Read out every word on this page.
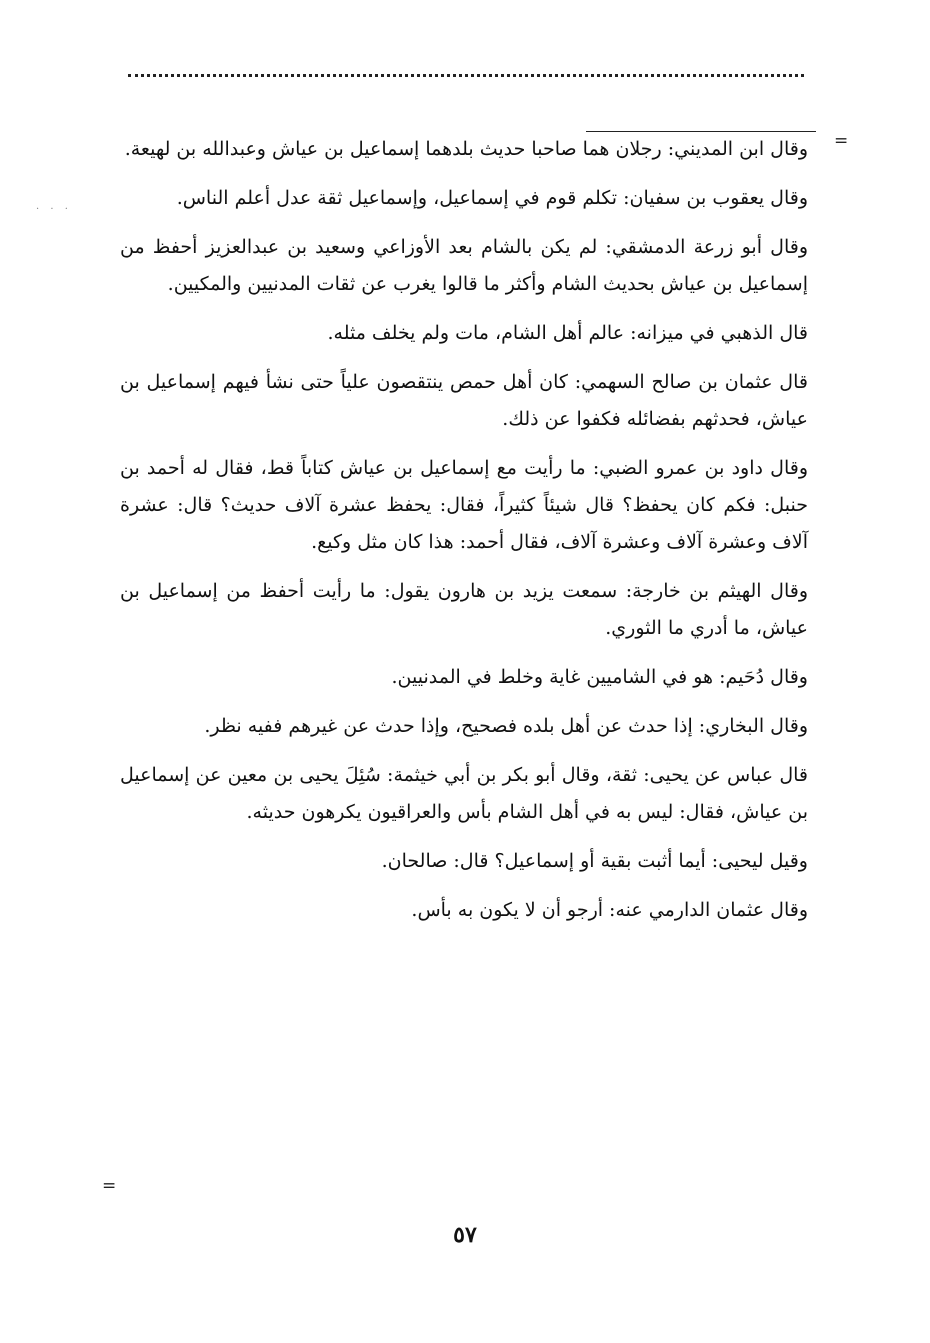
=
· · ·

وقال ابن المديني: رجلان هما صاحبا حديث بلدهما إسماعيل بن عياش وعبدالله بن لهيعة.

وقال يعقوب بن سفيان: تكلم قوم في إسماعيل، وإسماعيل ثقة عدل أعلم الناس.

وقال أبو زرعة الدمشقي: لم يكن بالشام بعد الأوزاعي وسعيد بن عبدالعزيز أحفظ من إسماعيل بن عياش بحديث الشام وأكثر ما قالوا يغرب عن ثقات المدنيين والمكيين.

قال الذهبي في ميزانه: عالم أهل الشام، مات ولم يخلف مثله.

قال عثمان بن صالح السهمي: كان أهل حمص ينتقصون علياً حتى نشأ فيهم إسماعيل بن عياش، فحدثهم بفضائله فكفوا عن ذلك.

وقال داود بن عمرو الضبي: ما رأيت مع إسماعيل بن عياش كتاباً قط، فقال له أحمد بن حنبل: فكم كان يحفظ؟ قال شيئاً كثيراً، فقال: يحفظ عشرة آلاف حديث؟ قال: عشرة آلاف وعشرة آلاف وعشرة آلاف، فقال أحمد: هذا كان مثل وكيع.

وقال الهيثم بن خارجة: سمعت يزيد بن هارون يقول: ما رأيت أحفظ من إسماعيل بن عياش، ما أدري ما الثوري.

وقال دُحَيم: هو في الشاميين غاية وخلط في المدنيين.

وقال البخاري: إذا حدث عن أهل بلده فصحيح، وإذا حدث عن غيرهم ففيه نظر.

قال عباس عن يحيى: ثقة، وقال أبو بكر بن أبي خيثمة: سُئِلَ يحيى بن معين عن إسماعيل بن عياش، فقال: ليس به في أهل الشام بأس والعراقيون يكرهون حديثه.

وقيل ليحيى: أيما أثبت بقية أو إسماعيل؟ قال: صالحان.

وقال عثمان الدارمي عنه: أرجو أن لا يكون به بأس.

=
٥٧
